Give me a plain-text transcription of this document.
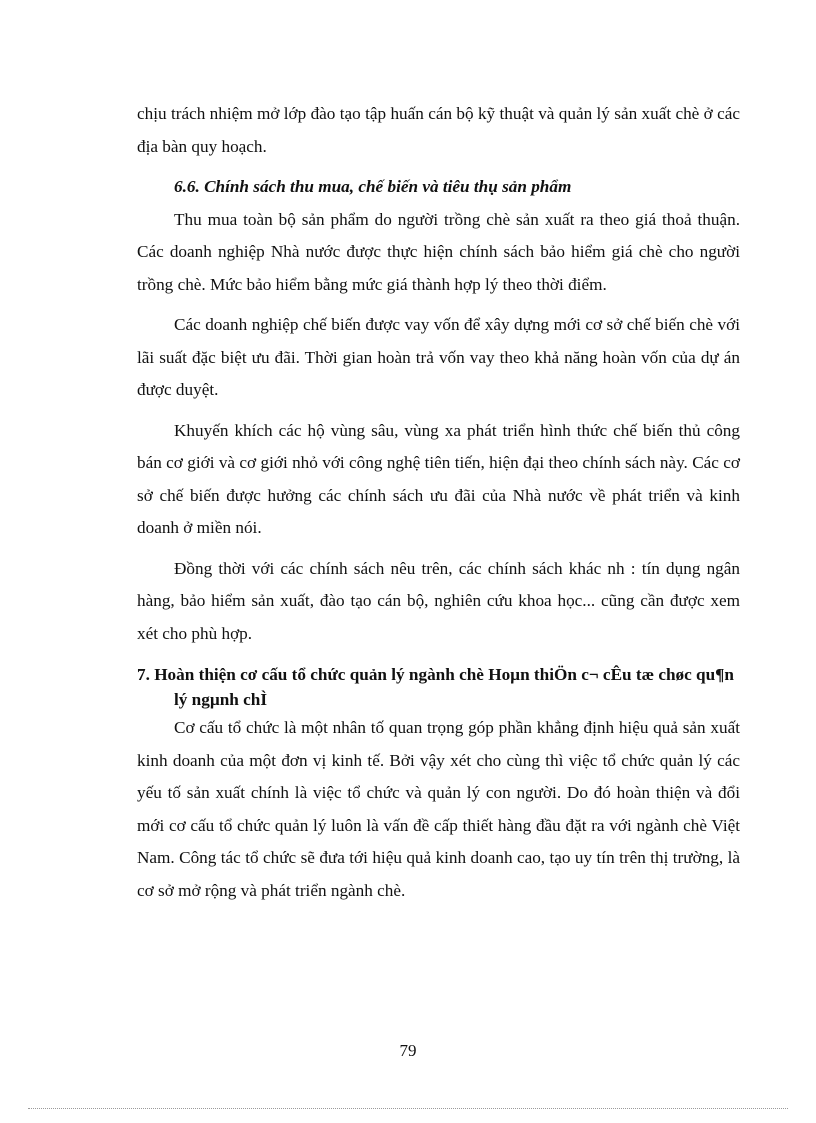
chịu trách nhiệm mở lớp đào tạo tập huấn cán bộ kỹ thuật và quản lý sản xuất chè ở các địa bàn quy hoạch.

6.6. Chính sách thu mua, chế biến và tiêu thụ sản phẩm

Thu mua toàn bộ sản phẩm do người trồng chè sản xuất ra theo giá thoả thuận. Các doanh nghiệp Nhà nước được thực hiện chính sách bảo hiểm giá chè cho người trồng chè. Mức bảo hiểm bằng mức giá thành hợp lý theo thời điểm.

Các doanh nghiệp chế biến được vay vốn để xây dựng mới cơ sở chế biến chè với lãi suất đặc biệt ưu đãi. Thời gian hoàn trả vốn vay theo khả năng hoàn vốn của dự án được duyệt.

Khuyến khích các hộ vùng sâu, vùng xa phát triển hình thức chế biến thủ công bán cơ giới và cơ giới nhỏ với công nghệ tiên tiến, hiện đại theo chính sách này. Các cơ sở chế biến được hưởng các chính sách ưu đãi của Nhà nước về phát triển và kinh doanh ở miền nói.

Đồng thời với các chính sách nêu trên, các chính sách khác nh : tín dụng ngân hàng, bảo hiểm sản xuất, đào tạo cán bộ, nghiên cứu khoa học... cũng cần được xem xét cho phù hợp.

7. Hoàn thiện cơ cấu tổ chức quản lý ngành chè Hoµn thiÖn c¬ cÊu tæ chøc qu¶n lý ngµnh chÌ

Cơ cấu tổ chức là một nhân tố quan trọng góp phần khẳng định hiệu quả sản xuất kinh doanh của một đơn vị kinh tế. Bởi vậy xét cho cùng thì việc tổ chức quản lý các yếu tố sản xuất chính là việc tổ chức và quản lý con người. Do đó hoàn thiện và đổi mới cơ cấu tổ chức quản lý luôn là vấn đề cấp thiết hàng đầu đặt ra với ngành chè Việt Nam. Công tác tổ chức sẽ đưa tới hiệu quả kinh doanh cao, tạo uy tín trên thị trường, là cơ sở mở rộng và phát triển ngành chè.

79
